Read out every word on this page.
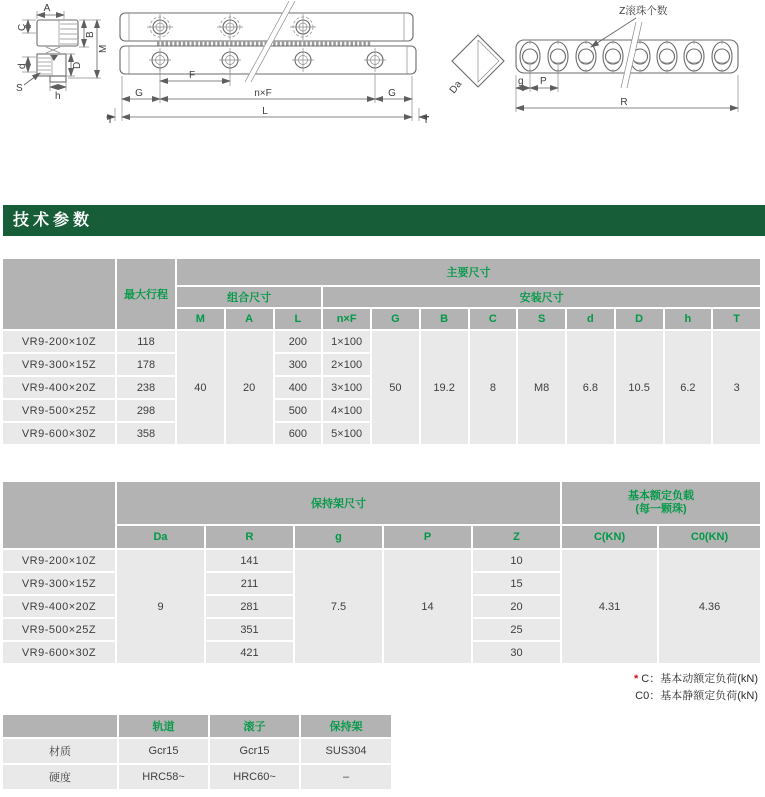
A
C
B
M
d	D
S
h
F
G	n×F	G
L
T	T
Da
Z滚珠个数
g P
R
技术参数
	最大行程	主要尺寸											
		组合尺寸			安装尺寸								
		M	A	L	n×F	G	B	C	S	d	D	h	T
VR9-200×10Z	118	40	20	200	1×100	50	19.2	8	M8	6.8	10.5	6.2	3
VR9-300×15Z	178			300	2×100								
VR9-400×20Z	238			400	3×100								
VR9-500×25Z	298			500	4×100								
VR9-600×30Z	358			600	5×100								
	保持架尺寸					基本额定负载
(每一颗珠)	

	Da	R	g	P	Z	C(KN)	C0(KN)
VR9-200×10Z	9	141	7.5	14	10	4.31	4.36
VR9-300×15Z		211			15		
VR9-400×20Z		281			20		
VR9-500×25Z		351			25		
VR9-600×30Z		421			30		
* C：基本动额定负荷(kN)
C0：基本静额定负荷(kN)
	轨道	滚子	保持架
材质	Gcr15	Gcr15	SUS304
硬度	HRC58~	HRC60~	–
